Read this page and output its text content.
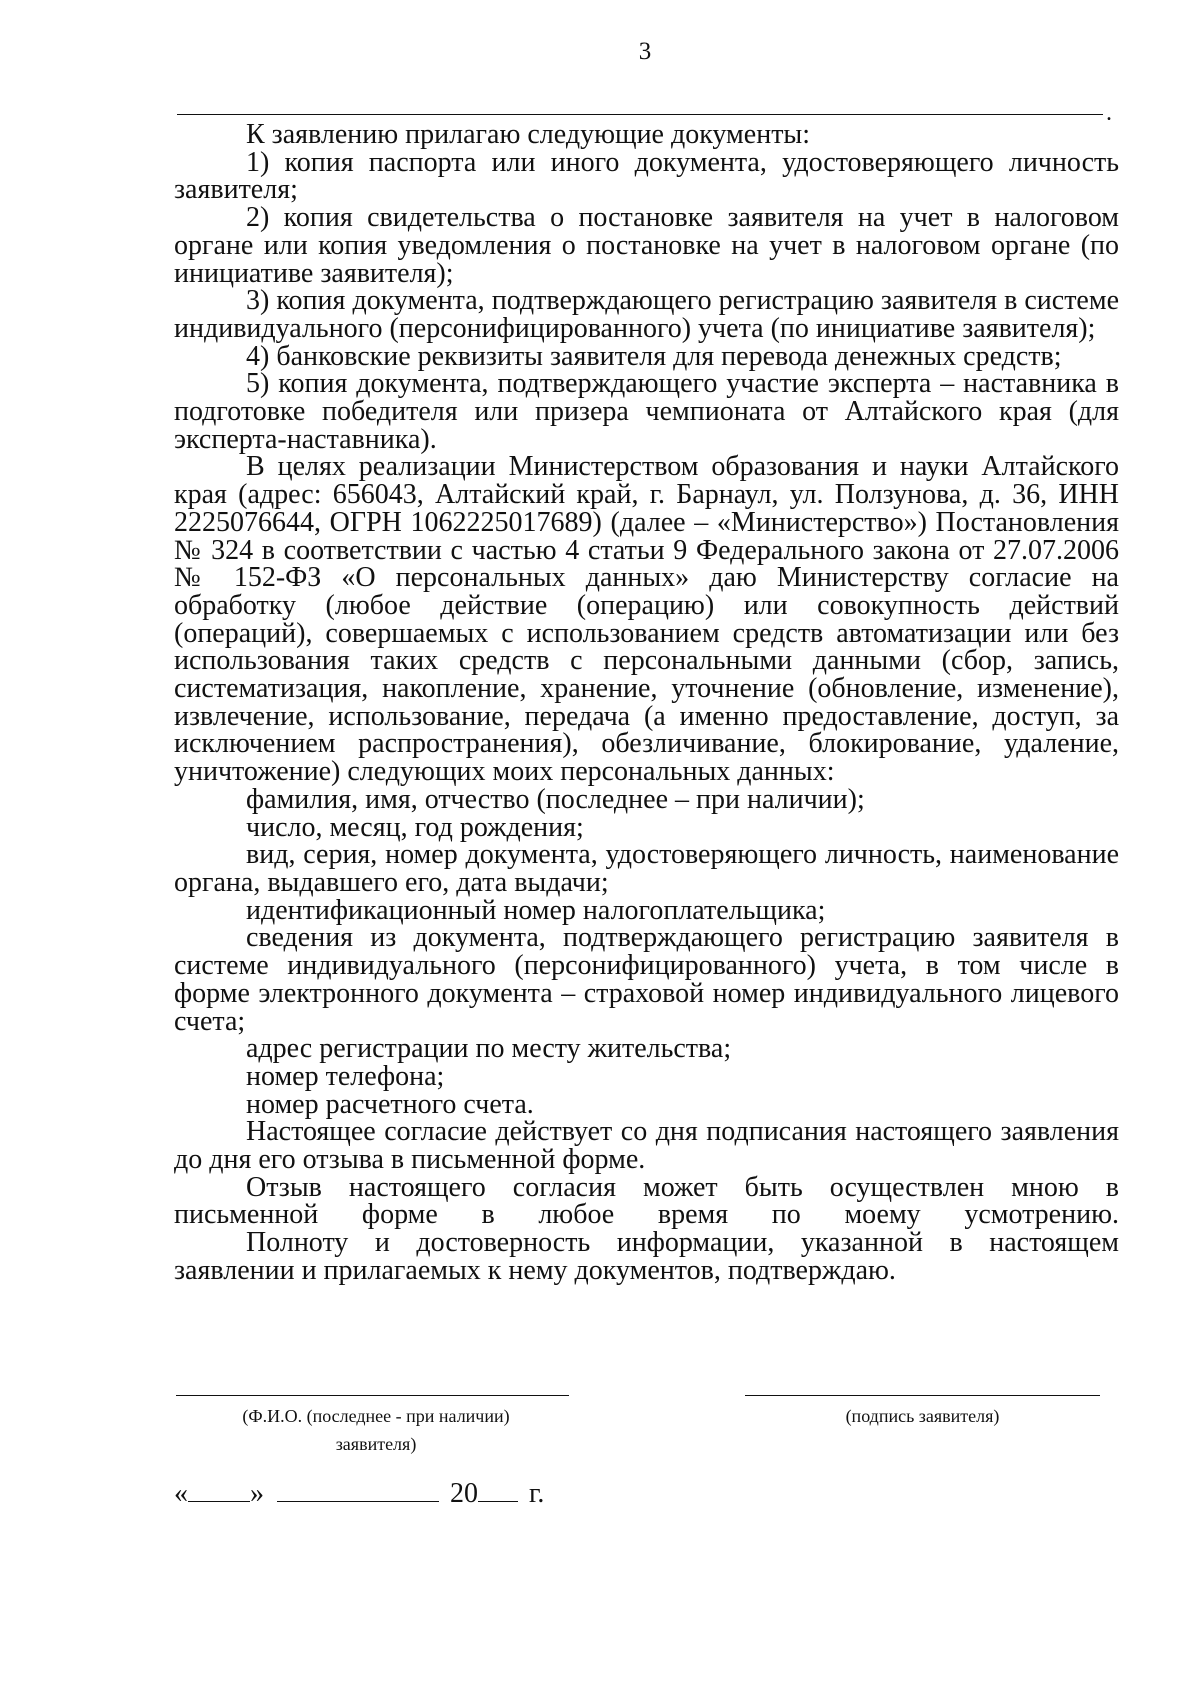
3
.

К заявлению прилагаю следующие документы:

1) копия паспорта или иного документа, удостоверяющего личность заявителя;

2) копия свидетельства о постановке заявителя на учет в налоговом органе или копия уведомления о постановке на учет в налоговом органе (по инициативе заявителя);

3) копия документа, подтверждающего регистрацию заявителя в системе индивидуального (персонифицированного) учета (по инициативе заявителя);

4) банковские реквизиты заявителя для перевода денежных средств;

5) копия документа, подтверждающего участие эксперта – наставника в подготовке победителя или призера чемпионата от Алтайского края (для эксперта-наставника).

В целях реализации Министерством образования и науки Алтайского края (адрес: 656043, Алтайский край, г. Барнаул, ул. Ползунова, д. 36, ИНН 2225076644, ОГРН 1062225017689) (далее – «Министерство») Постановления № 324 в соответствии с частью 4 статьи 9 Федерального закона от 27.07.2006 № 152-ФЗ «О персональных данных» даю Министерству согласие на обработку (любое действие (операцию) или совокупность действий (операций), совершаемых с использованием средств автоматизации или без использования таких средств с персональными данными (сбор, запись, систематизация, накопление, хранение, уточнение (обновление, изменение), извлечение, использование, передача (а именно предоставление, доступ, за исключением распространения), обезличивание, блокирование, удаление, уничтожение) следующих моих персональных данных:

фамилия, имя, отчество (последнее – при наличии);

число, месяц, год рождения;

вид, серия, номер документа, удостоверяющего личность, наименование органа, выдавшего его, дата выдачи;

идентификационный номер налогоплательщика;

сведения из документа, подтверждающего регистрацию заявителя в системе индивидуального (персонифицированного) учета, в том числе в форме электронного документа – страховой номер индивидуального лицевого счета;

адрес регистрации по месту жительства;

номер телефона;

номер расчетного счета.

Настоящее согласие действует со дня подписания настоящего заявления до дня его отзыва в письменной форме.

Отзыв настоящего согласия может быть осуществлен мною в письменной форме в любое время по моему усмотрению.

Полноту и достоверность информации, указанной в настоящем заявлении и прилагаемых к нему документов, подтверждаю.

(Ф.И.О. (последнее - при наличии)
заявителя)
(подпись заявителя)
« »	20 г.
